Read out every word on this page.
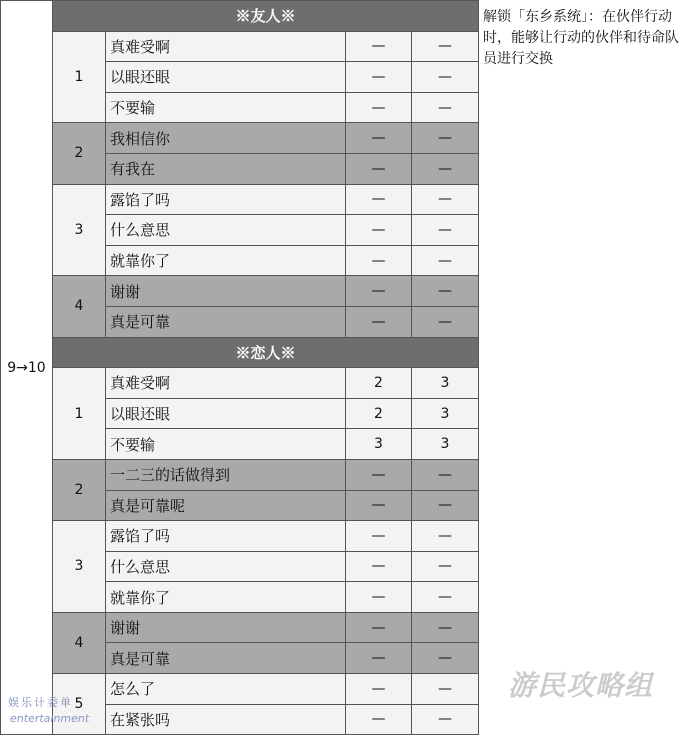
9→10	※友人※				解锁「东乡系统」：在伙伴行动时，能够让行动的伙伴和待命队员进行交换
	1	真难受啊	—	—	
		以眼还眼	—	—	
		不要输	—	—	
	2	我相信你	—	—	
		有我在	—	—	
	3	露馅了吗	—	—	
		什么意思	—	—	
		就靠你了	—	—	
	4	谢谢	—	—	
		真是可靠	—	—	
	※恋人※				
	1	真难受啊	2	3	
		以眼还眼	2	3	
		不要输	3	3	
	2	一二三的话做得到	—	—	
		真是可靠呢	—	—	
	3	露馅了吗	—	—	
		什么意思	—	—	
		就靠你了	—	—	
	4	谢谢	—	—	
		真是可靠	—	—	
	5	怎么了	—	—	
		在紧张吗	—	—	
娱乐计委单
entertainment
游民攻略组
